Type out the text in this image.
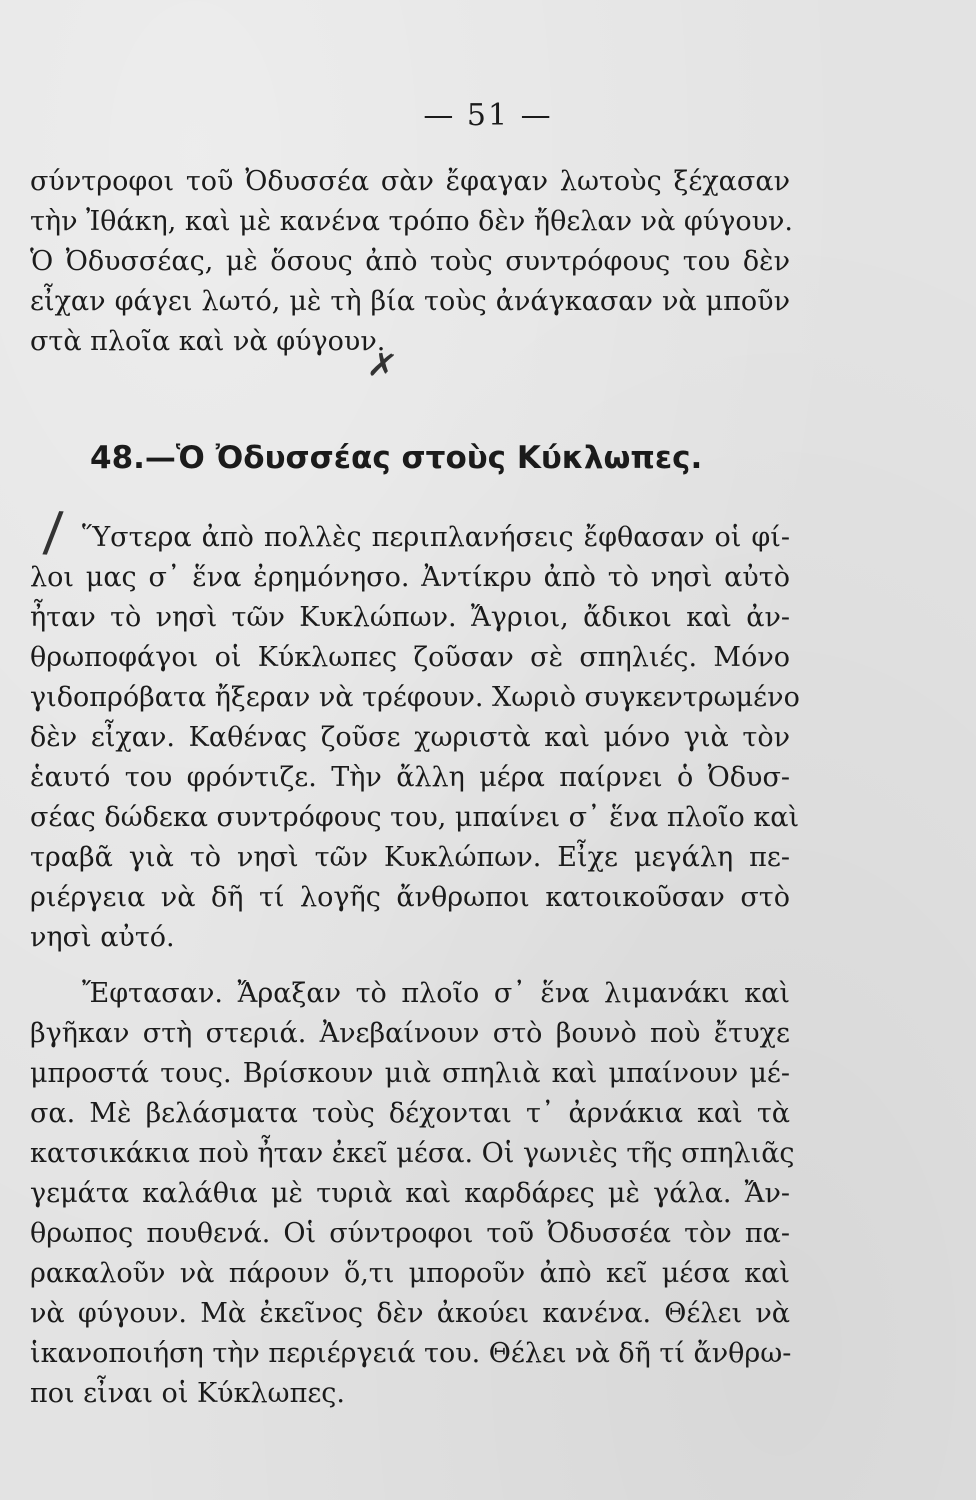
— 51 —
σύντροφοι τοῦ Ὀδυσσέα σὰν ἔφαγαν λωτοὺς ξέχασαν
τὴν Ἰθάκη, καὶ μὲ κανένα τρόπο δὲν ἤθελαν νὰ φύγουν.
Ὁ Ὀδυσσέας, μὲ ὅσους ἀπὸ τοὺς συντρόφους του δὲν
εἶχαν φάγει λωτό, μὲ τὴ βία τοὺς ἀνάγκασαν νὰ μποῦν
στὰ πλοῖα καὶ νὰ φύγουν.
✗
48.—Ὁ Ὀδυσσέας στοὺς Κύκλωπες.
/ Ὕστερα ἀπὸ πολλὲς περιπλανήσεις ἔφθασαν οἱ φί-
λοι μας σ᾽ ἕνα ἐρημόνησο. Ἀντίκρυ ἀπὸ τὸ νησὶ αὐτὸ
ἦταν τὸ νησὶ τῶν Κυκλώπων. Ἄγριοι, ἄδικοι καὶ ἀν-
θρωποφάγοι οἱ Κύκλωπες ζοῦσαν σὲ σπηλιές. Μόνο
γιδοπρόβατα ἤξεραν νὰ τρέφουν. Χωριὸ συγκεντρωμένο
δὲν εἶχαν. Καθένας ζοῦσε χωριστὰ καὶ μόνο γιὰ τὸν
ἑαυτό του φρόντιζε. Τὴν ἄλλη μέρα παίρνει ὁ Ὀδυσ-
σέας δώδεκα συντρόφους του, μπαίνει σ᾽ ἕνα πλοῖο καὶ
τραβᾶ γιὰ τὸ νησὶ τῶν Κυκλώπων. Εἶχε μεγάλη πε-
ριέργεια νὰ δῆ τί λογῆς ἄνθρωποι κατοικοῦσαν στὸ
νησὶ αὐτό.
Ἔφτασαν. Ἄραξαν τὸ πλοῖο σ᾽ ἕνα λιμανάκι καὶ
βγῆκαν στὴ στεριά. Ἀνεβαίνουν στὸ βουνὸ ποὺ ἔτυχε
μπροστά τους. Βρίσκουν μιὰ σπηλιὰ καὶ μπαίνουν μέ-
σα. Μὲ βελάσματα τοὺς δέχονται τ᾽ ἀρνάκια καὶ τὰ
κατσικάκια ποὺ ἦταν ἐκεῖ μέσα. Οἱ γωνιὲς τῆς σπηλιᾶς
γεμάτα καλάθια μὲ τυριὰ καὶ καρδάρες μὲ γάλα. Ἄν-
θρωπος πουθενά. Οἱ σύντροφοι τοῦ Ὀδυσσέα τὸν πα-
ρακαλοῦν νὰ πάρουν ὅ,τι μποροῦν ἀπὸ κεῖ μέσα καὶ
νὰ φύγουν. Μὰ ἐκεῖνος δὲν ἀκούει κανένα. Θέλει νὰ
ἱκανοποιήση τὴν περιέργειά του. Θέλει νὰ δῆ τί ἄνθρω-
ποι εἶναι οἱ Κύκλωπες.
